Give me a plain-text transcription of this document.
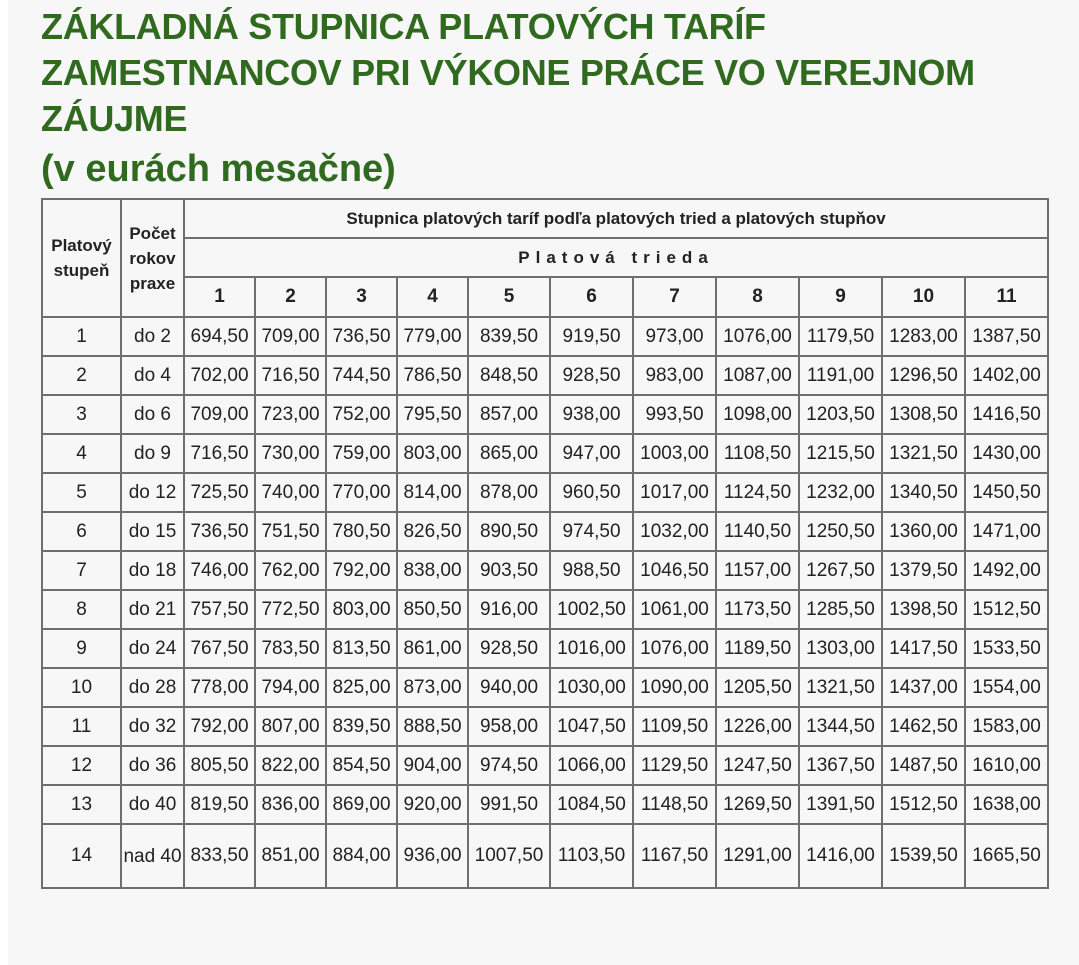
ZÁKLADNÁ STUPNICA PLATOVÝCH TARÍF ZAMESTNANCOV PRI VÝKONE PRÁCE VO VEREJNOM ZÁUJME
(v eurách mesačne)
Platový stupeň	Počet rokov praxe	Stupnica platových taríf podľa platových tried a platových stupňov										
		Platová trieda										
		1	2	3	4	5	6	7	8	9	10	11
1	do 2	694,50	709,00	736,50	779,00	839,50	919,50	973,00	1076,00	1179,50	1283,00	1387,50
2	do 4	702,00	716,50	744,50	786,50	848,50	928,50	983,00	1087,00	1191,00	1296,50	1402,00
3	do 6	709,00	723,00	752,00	795,50	857,00	938,00	993,50	1098,00	1203,50	1308,50	1416,50
4	do 9	716,50	730,00	759,00	803,00	865,00	947,00	1003,00	1108,50	1215,50	1321,50	1430,00
5	do 12	725,50	740,00	770,00	814,00	878,00	960,50	1017,00	1124,50	1232,00	1340,50	1450,50
6	do 15	736,50	751,50	780,50	826,50	890,50	974,50	1032,00	1140,50	1250,50	1360,00	1471,00
7	do 18	746,00	762,00	792,00	838,00	903,50	988,50	1046,50	1157,00	1267,50	1379,50	1492,00
8	do 21	757,50	772,50	803,00	850,50	916,00	1002,50	1061,00	1173,50	1285,50	1398,50	1512,50
9	do 24	767,50	783,50	813,50	861,00	928,50	1016,00	1076,00	1189,50	1303,00	1417,50	1533,50
10	do 28	778,00	794,00	825,00	873,00	940,00	1030,00	1090,00	1205,50	1321,50	1437,00	1554,00
11	do 32	792,00	807,00	839,50	888,50	958,00	1047,50	1109,50	1226,00	1344,50	1462,50	1583,00
12	do 36	805,50	822,00	854,50	904,00	974,50	1066,00	1129,50	1247,50	1367,50	1487,50	1610,00
13	do 40	819,50	836,00	869,00	920,00	991,50	1084,50	1148,50	1269,50	1391,50	1512,50	1638,00
14	nad 40	833,50	851,00	884,00	936,00	1007,50	1103,50	1167,50	1291,00	1416,00	1539,50	1665,50
